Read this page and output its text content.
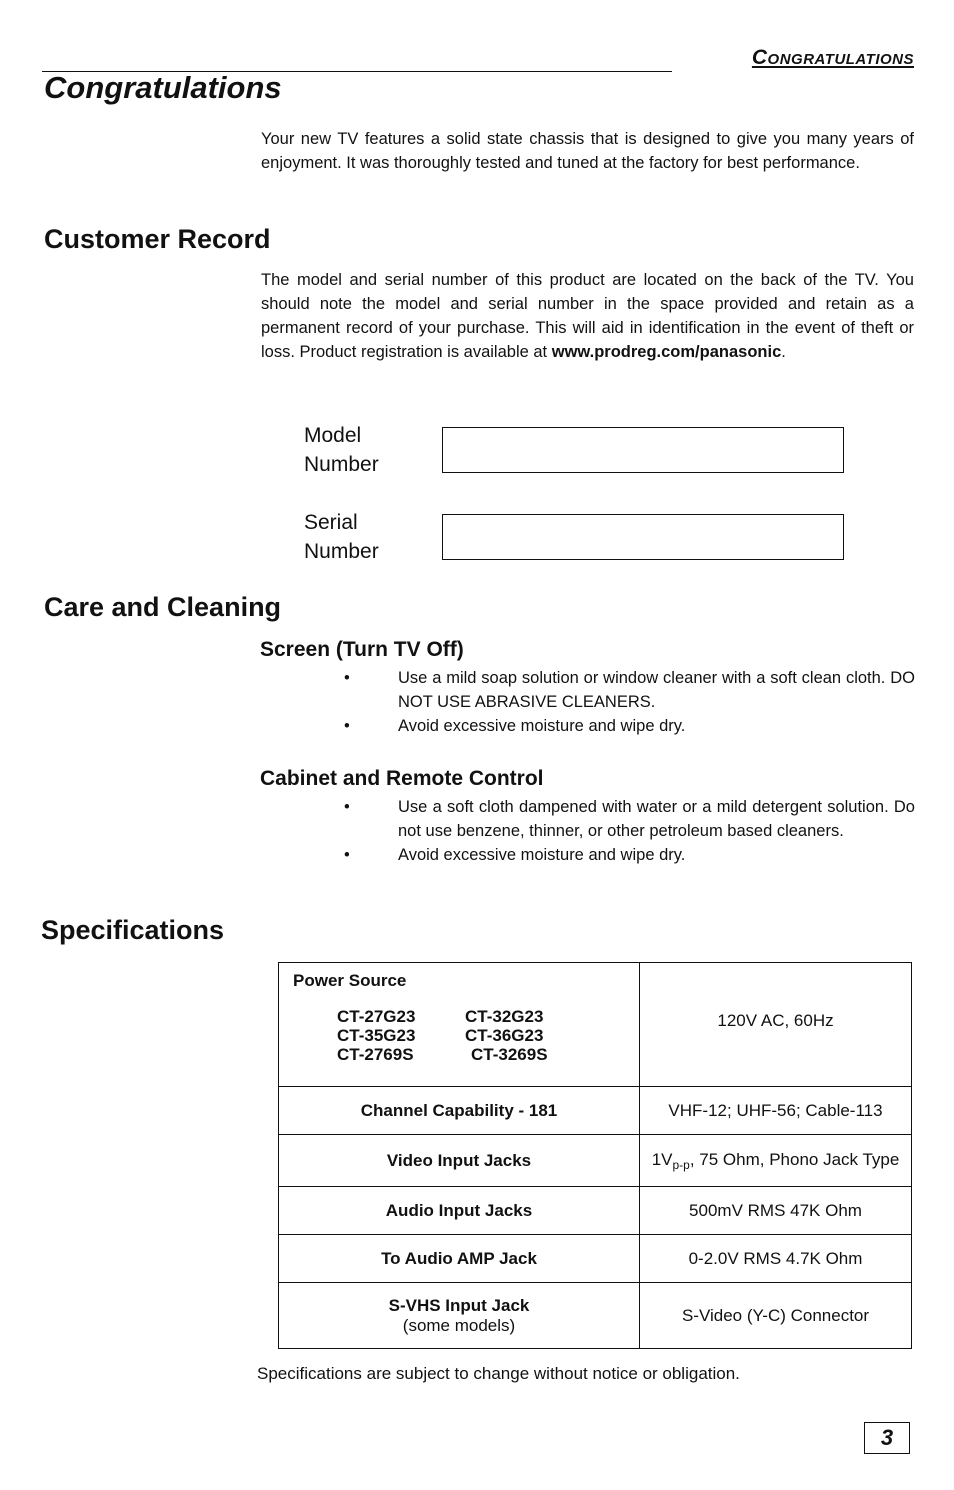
Congratulations
Congratulations

Your new TV features a solid state chassis that is designed to give you many years of enjoyment. It was thoroughly tested and tuned at the factory for best performance.

Customer Record

The model and serial number of this product are located on the back of the TV. You should note the model and serial number in the space provided and retain as a permanent record of your purchase. This will aid in identification in the event of theft or loss. Product registration is available at www.prodreg.com/panasonic.

Model
Number
Serial
Number
Care and Cleaning
Screen (Turn TV Off)
•	Use a mild soap solution or window cleaner with a soft clean cloth. DO NOT USE ABRASIVE CLEANERS.
•	Avoid excessive moisture and wipe dry.
Cabinet and Remote Control
•	Use a soft cloth dampened with water or a mild detergent solution. Do not use benzene, thinner, or other petroleum based cleaners.
•	Avoid excessive moisture and wipe dry.
Specifications
Power Source
CT-27G23 CT-32G23
CT-35G23 CT-36G23
CT-2769S CT-3269S	120V AC, 60Hz
Channel Capability - 181	VHF-12; UHF-56; Cable-113
Video Input Jacks	$1V_{p-p}$, 75 Ohm, Phono Jack Type
Audio Input Jacks	500mV RMS 47K Ohm
To Audio AMP Jack	0-2.0V RMS 4.7K Ohm

S-VHS Input Jack
(some models)	S-Video (Y-C) Connector
Specifications are subject to change without notice or obligation.
3
